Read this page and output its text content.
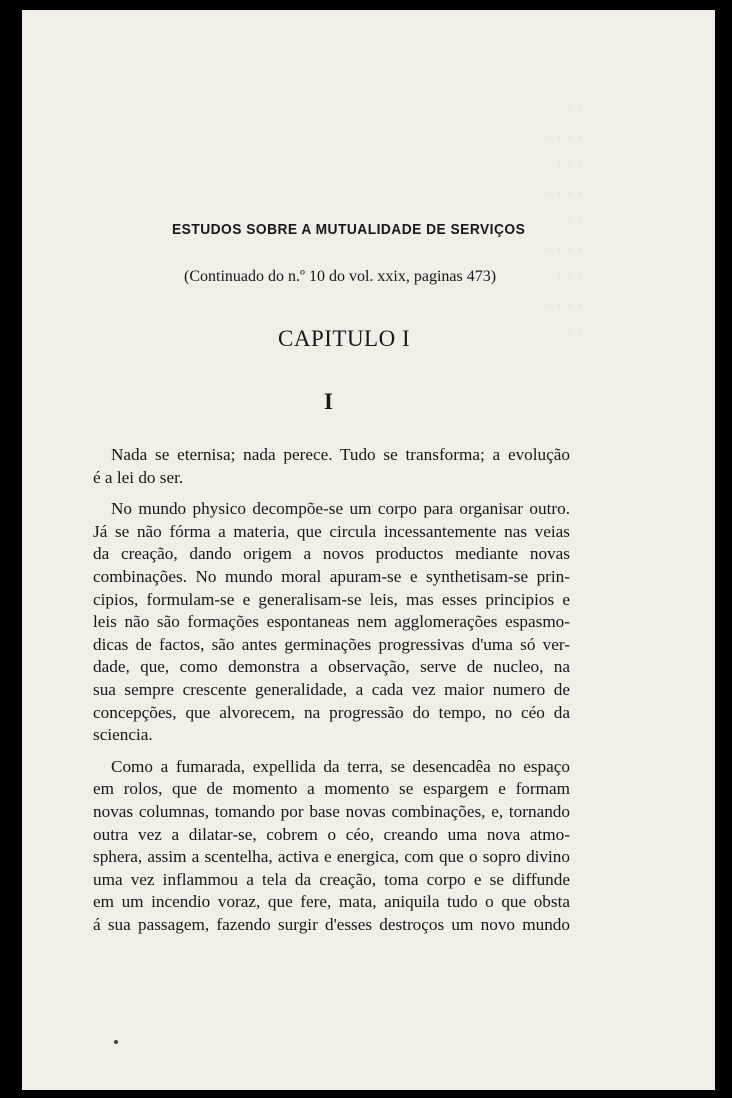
· ·
· · · ·
· · ·
· · · ·
· ·
· · · ·
· · ·
· · · ·
· ·
ESTUDOS SOBRE A MUTUALIDADE DE SERVIÇOS
(Continuado do n.º 10 do vol. xxix, paginas 473)
CAPITULO I
I
Nada se eternisa; nada perece. Tudo se transforma; a evolução
é a lei do ser.
No mundo physico decompõe-se um corpo para organisar outro.
Já se não fórma a materia, que circula incessantemente nas veias
da creação, dando origem a novos productos mediante novas
combinações. No mundo moral apuram-se e synthetisam-se prin-
cipios, formulam-se e generalisam-se leis, mas esses principios e
leis não são formações espontaneas nem agglomerações espasmo-
dicas de factos, são antes germinações progressivas d'uma só ver-
dade, que, como demonstra a observação, serve de nucleo, na
sua sempre crescente generalidade, a cada vez maior numero de
concepções, que alvorecem, na progressão do tempo, no céo da
sciencia.
Como a fumarada, expellida da terra, se desencadêa no espaço
em rolos, que de momento a momento se espargem e formam
novas columnas, tomando por base novas combinações, e, tornando
outra vez a dilatar-se, cobrem o céo, creando uma nova atmo-
sphera, assim a scentelha, activa e energica, com que o sopro divino
uma vez inflammou a tela da creação, toma corpo e se diffunde
em um incendio voraz, que fere, mata, aniquila tudo o que obsta
á sua passagem, fazendo surgir d'esses destroços um novo mundo
